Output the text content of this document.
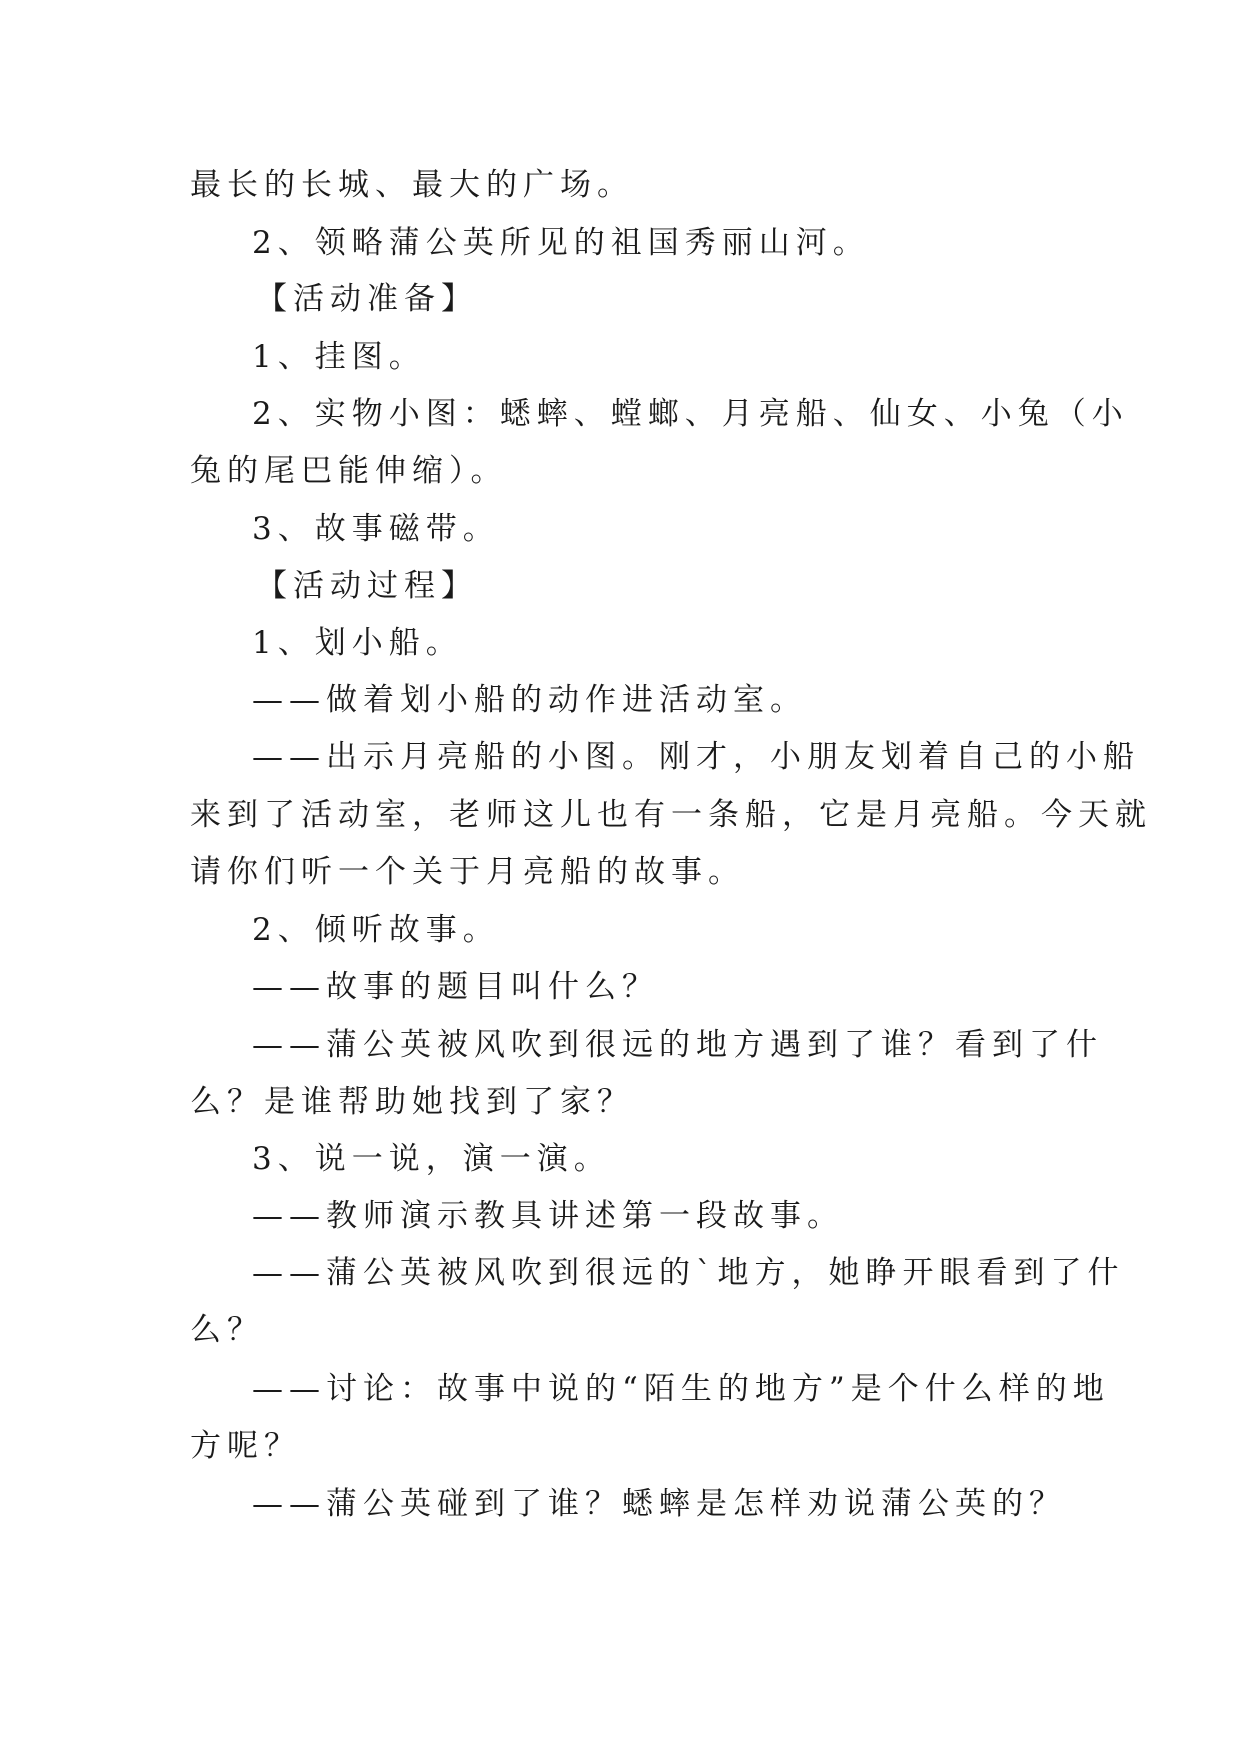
最长的长城、最大的广场。
2、领略蒲公英所见的祖国秀丽山河。
【活动准备】
1、挂图。
2、实物小图：蟋蟀、螳螂、月亮船、仙女、小兔（小
兔的尾巴能伸缩）。
3、故事磁带。
【活动过程】
1、划小船。
——做着划小船的动作进活动室。
——出示月亮船的小图。刚才，小朋友划着自己的小船
来到了活动室，老师这儿也有一条船，它是月亮船。今天就
请你们听一个关于月亮船的故事。
2、倾听故事。
——故事的题目叫什么？
——蒲公英被风吹到很远的地方遇到了谁？看到了什
么？是谁帮助她找到了家？
3、说一说，演一演。
——教师演示教具讲述第一段故事。
——蒲公英被风吹到很远的`地方，她睁开眼看到了什
么？
——讨论：故事中说的“陌生的地方”是个什么样的地
方呢？
——蒲公英碰到了谁？蟋蟀是怎样劝说蒲公英的？
